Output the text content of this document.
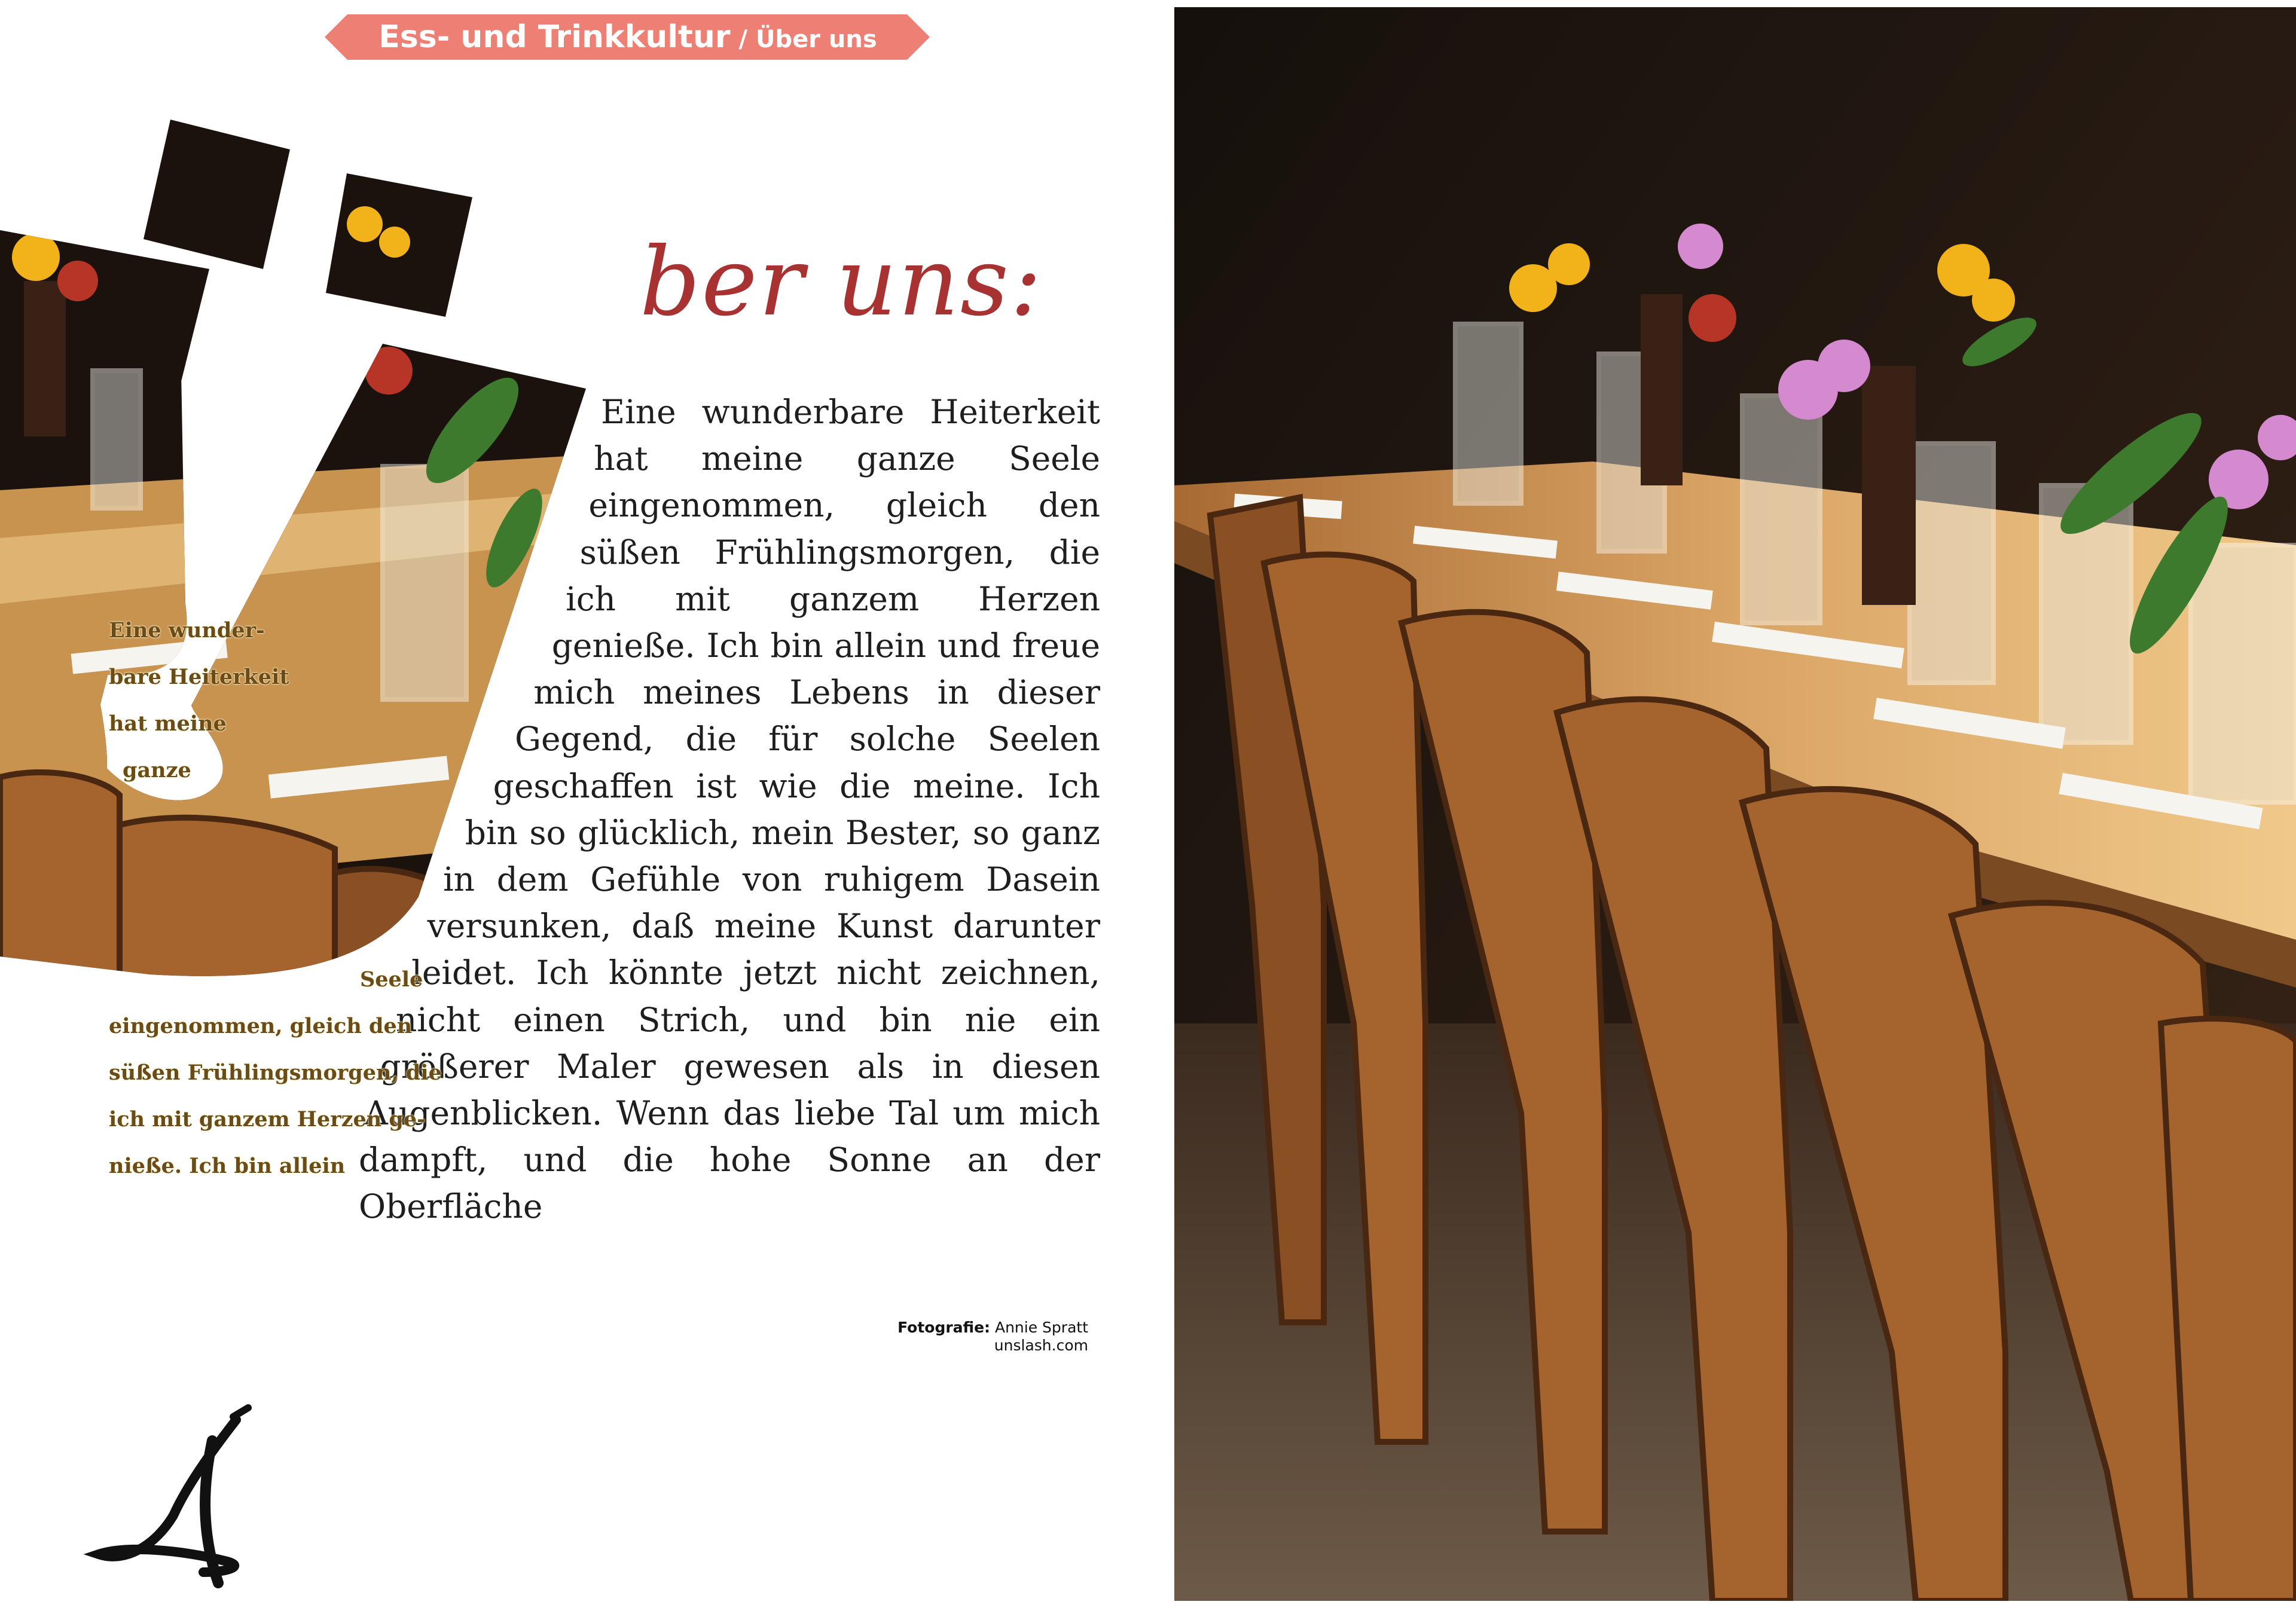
Ess- und Trinkkultur / Über uns
ber uns:
Eine wunderbare Heiterkeit hat meine ganze Seele eingenommen, gleich den süßen Frühlingsmorgen, die ich mit ganzem Herzen genieße. Ich bin allein und freue mich meines Lebens in dieser Gegend, die für solche Seelen geschaffen ist wie die meine. Ich bin so glücklich, mein Bester, so ganz in dem Gefühle von ruhigem Dasein versunken, daß meine Kunst darunter leidet. Ich könnte jetzt nicht zeichnen, nicht einen Strich, und bin nie ein größerer Maler gewesen als in diesen Augenblicken. Wenn das liebe Tal um mich dampft, und die hohe Sonne an der Oberfläche
Eine wunder-
bare Heiterkeit
hat meine
ganze
Seele
eingenommen, gleich den
süßen Frühlingsmorgen, die
ich mit ganzem Herzen ge-
nieße. Ich bin allein
Fotografie: Annie Spratt
unslash.com
